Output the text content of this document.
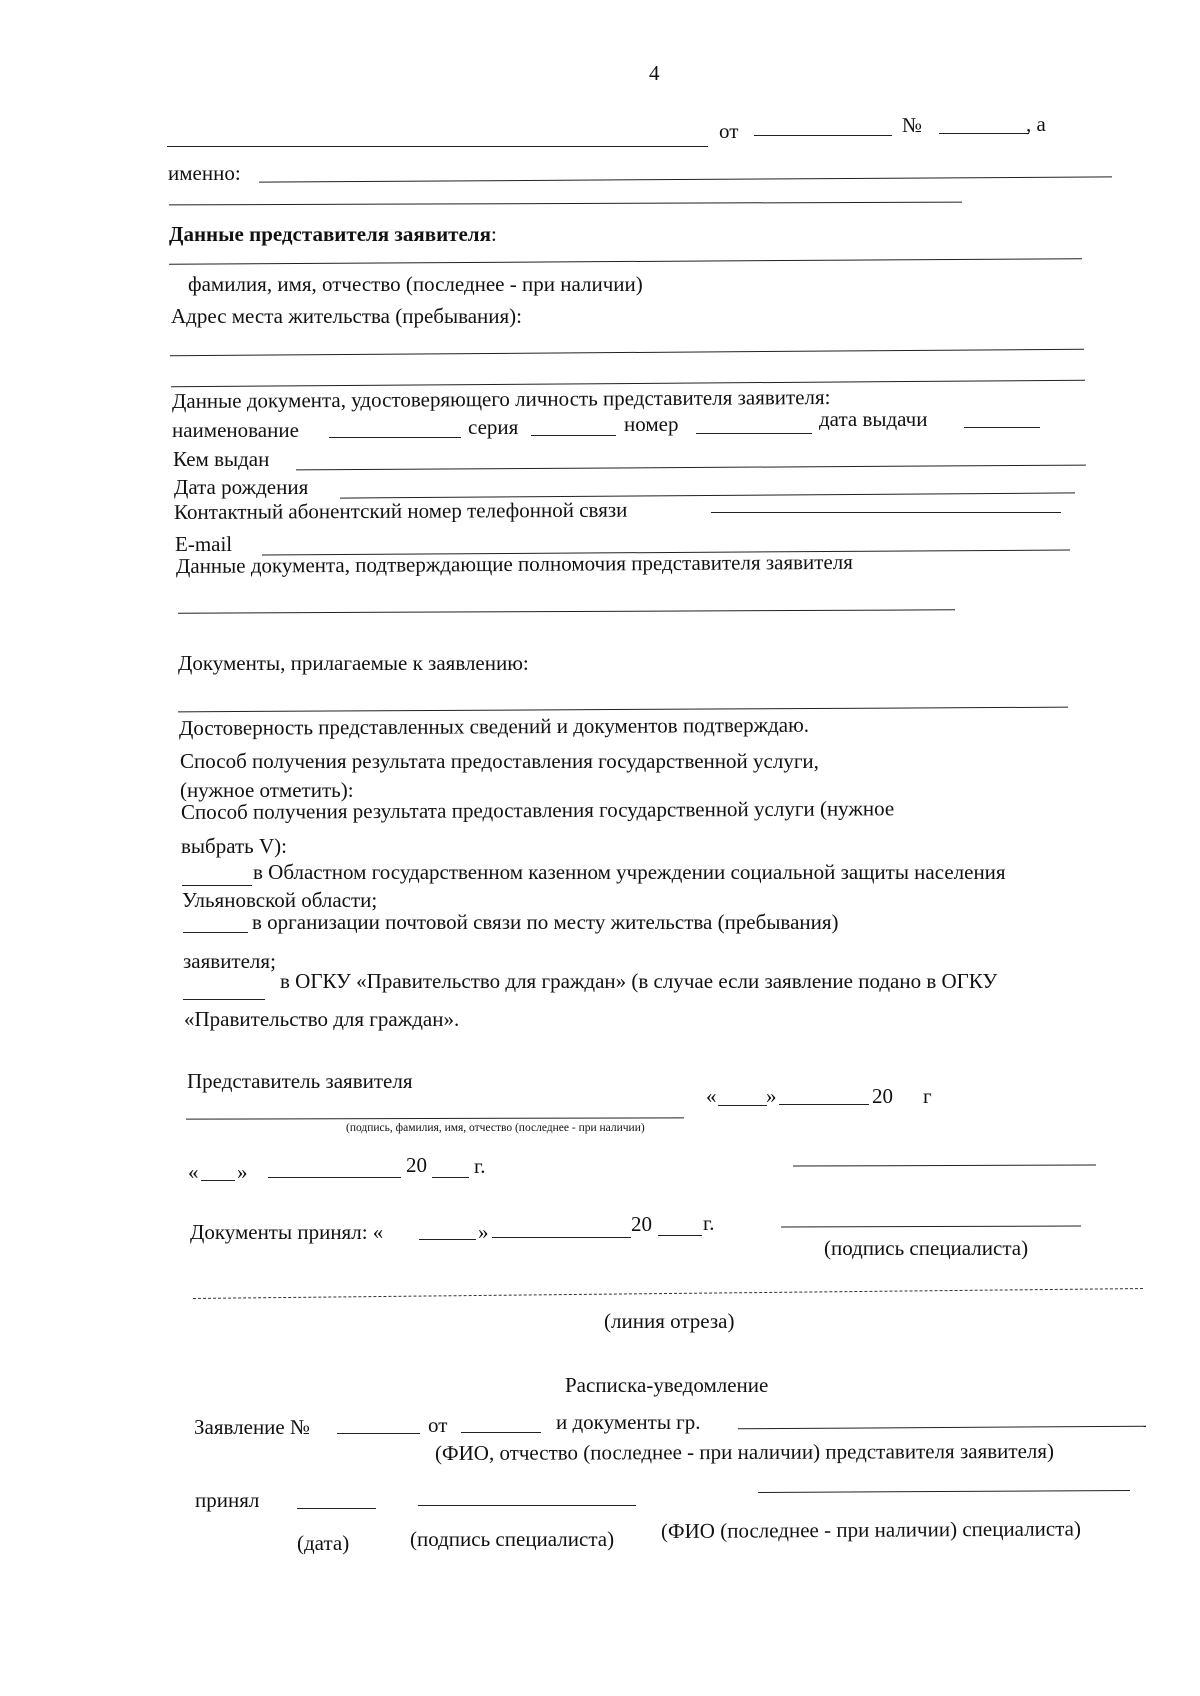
4
от	№	, а
именно:
Данные представителя заявителя:
фамилия, имя, отчество (последнее - при наличии)
Адрес места жительства (пребывания):
Данные документа, удостоверяющего личность представителя заявителя:
наименование	серия	номер	дата выдачи
Кем выдан
Дата рождения
Контактный абонентский номер телефонной связи
E-mail
Данные документа, подтверждающие полномочия представителя заявителя
Документы, прилагаемые к заявлению:
Достоверность представленных сведений и документов подтверждаю.
Способ получения результата предоставления государственной услуги,
(нужное отметить):
Способ получения результата предоставления государственной услуги (нужное
выбрать V):
в Областном государственном казенном учреждении социальной защиты населения
Ульяновской области;
в организации почтовой связи по месту жительства (пребывания)
заявителя;
в ОГКУ «Правительство для граждан» (в случае если заявление подано в ОГКУ
«Правительство для граждан».
Представитель заявителя
(подпись, фамилия, имя, отчество (последнее - при наличии)
« »	20 г
« »	20 г.
Документы принял: «	»	20 г.
(подпись специалиста)
(линия отреза)
Расписка-уведомление
Заявление №	от	и документы гр.
(ФИО, отчество (последнее - при наличии) представителя заявителя)
принял
(дата)	(подпись специалиста) (ФИО (последнее - при наличии) специалиста)
